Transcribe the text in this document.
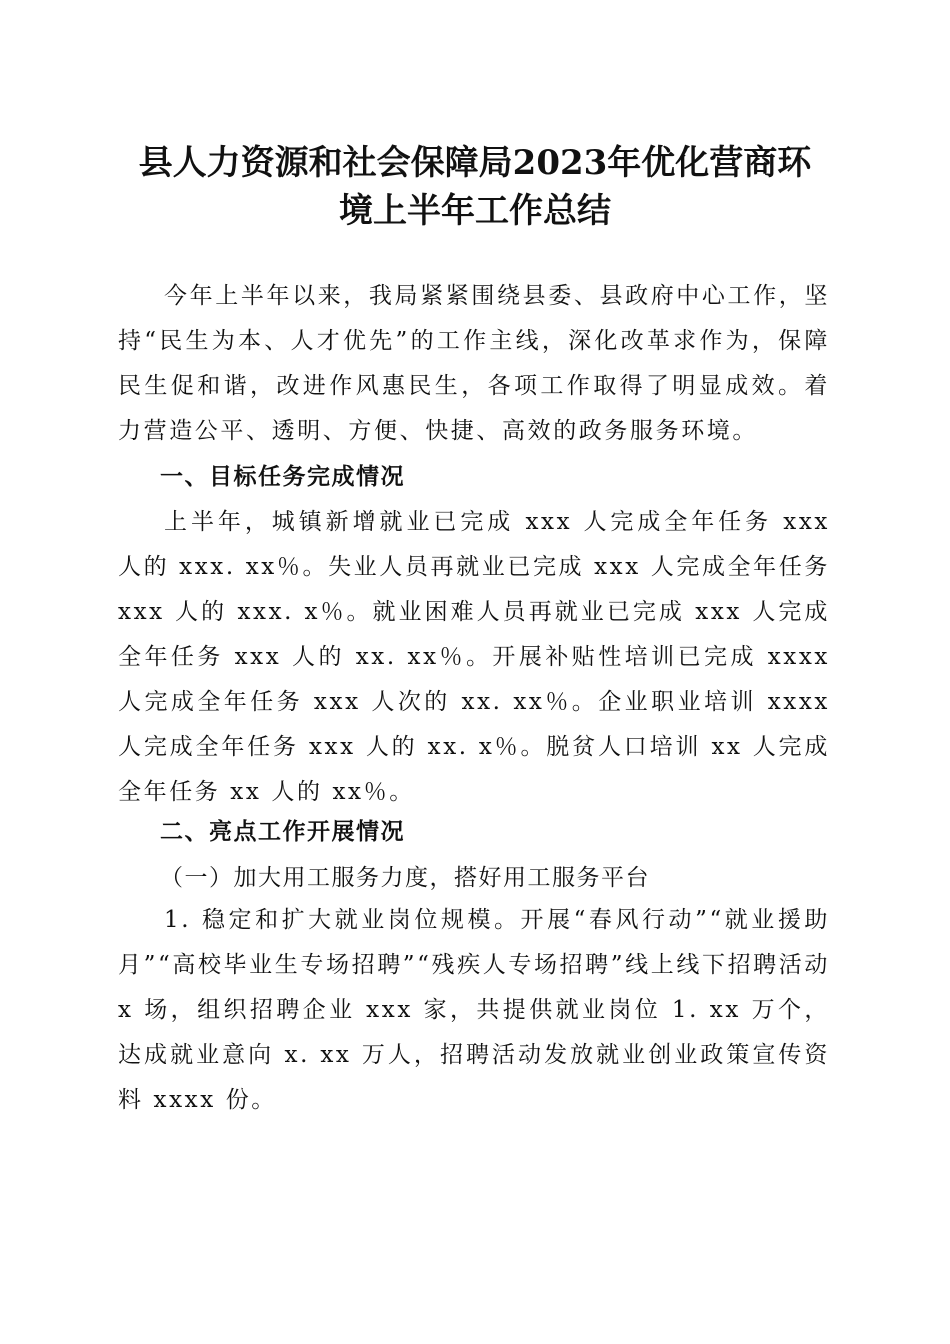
县人力资源和社会保障局2023年优化营商环
境上半年工作总结

今年上半年以来，我局紧紧围绕县委、县政府中心工作，坚持“民生为本、人才优先”的工作主线，深化改革求作为，保障民生促和谐，改进作风惠民生，各项工作取得了明显成效。着力营造公平、透明、方便、快捷、高效的政务服务环境。

一、目标任务完成情况

上半年，城镇新增就业已完成 xxx 人完成全年任务 xxx 人的 xxx. xx％。失业人员再就业已完成 xxx 人完成全年任务 xxx 人的 xxx. x％。就业困难人员再就业已完成 xxx 人完成全年任务 xxx 人的 xx. xx％。开展补贴性培训已完成 xxxx 人完成全年任务 xxx 人次的 xx. xx％。企业职业培训 xxxx 人完成全年任务 xxx 人的 xx. x％。脱贫人口培训 xx 人完成全年任务 xx 人的 xx％。

二、亮点工作开展情况
（一）加大用工服务力度，搭好用工服务平台

1. 稳定和扩大就业岗位规模。开展“春风行动”“就业援助月”“高校毕业生专场招聘”“残疾人专场招聘”线上线下招聘活动 x 场，组织招聘企业 xxx 家，共提供就业岗位 1. xx 万个，达成就业意向 x. xx 万人，招聘活动发放就业创业政策宣传资料 xxxx 份。
